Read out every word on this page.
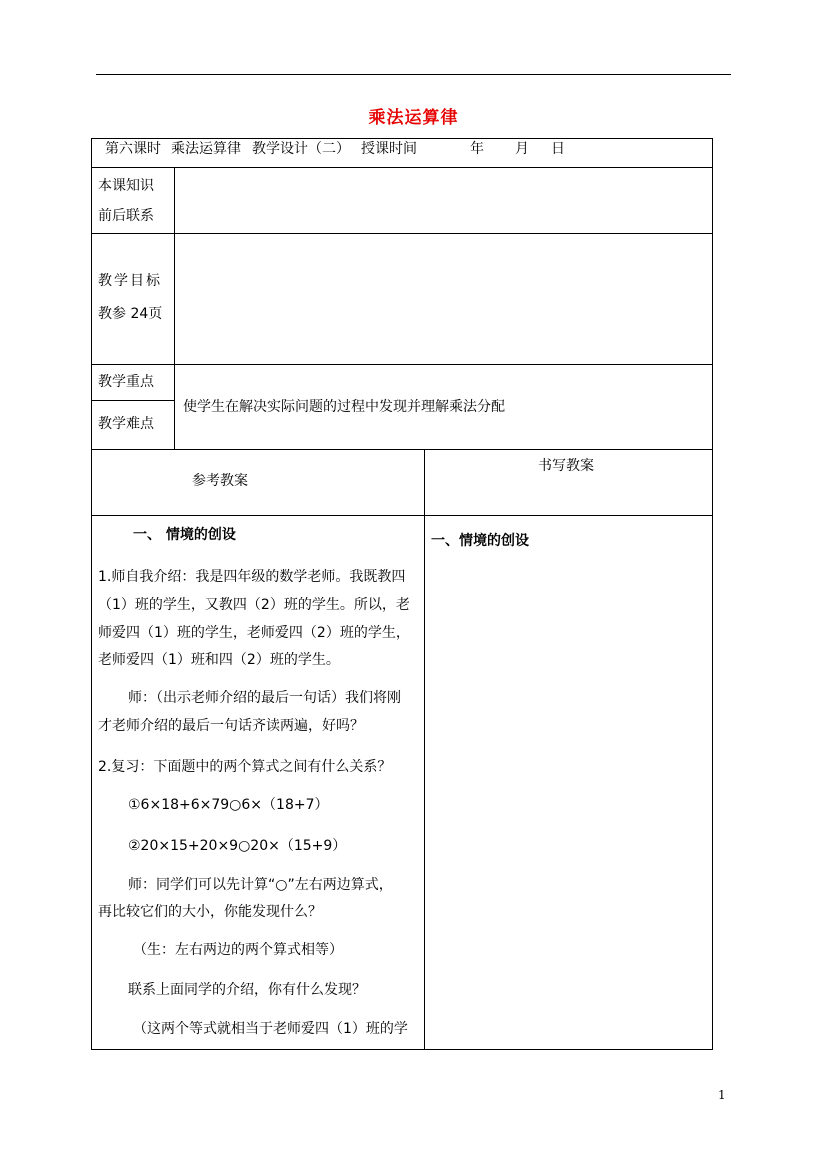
乘法运算律
第六课时 乘法运算律 教学设计（二） 授课时间	年 月 日
本课知识
前后联系
教学目标
教参 24页
教学重点
教学难点
使学生在解决实际问题的过程中发现并理解乘法分配
参考教案
书写教案
一、 情境的创设	一、情境的创设
1.师自我介绍：我是四年级的数学老师。我既教四
（1）班的学生，又教四（2）班的学生。所以，老
师爱四（1）班的学生，老师爱四（2）班的学生，
老师爱四（1）班和四（2）班的学生。
师：（出示老师介绍的最后一句话）我们将刚
才老师介绍的最后一句话齐读两遍，好吗？
2.复习：下面题中的两个算式之间有什么关系？
①6×18+6×79○6×（18+7）
②20×15+20×9○20×（15+9）
师：同学们可以先计算“○”左右两边算式，
再比较它们的大小，你能发现什么？
（生：左右两边的两个算式相等）
联系上面同学的介绍，你有什么发现？
（这两个等式就相当于老师爱四（1）班的学
1
